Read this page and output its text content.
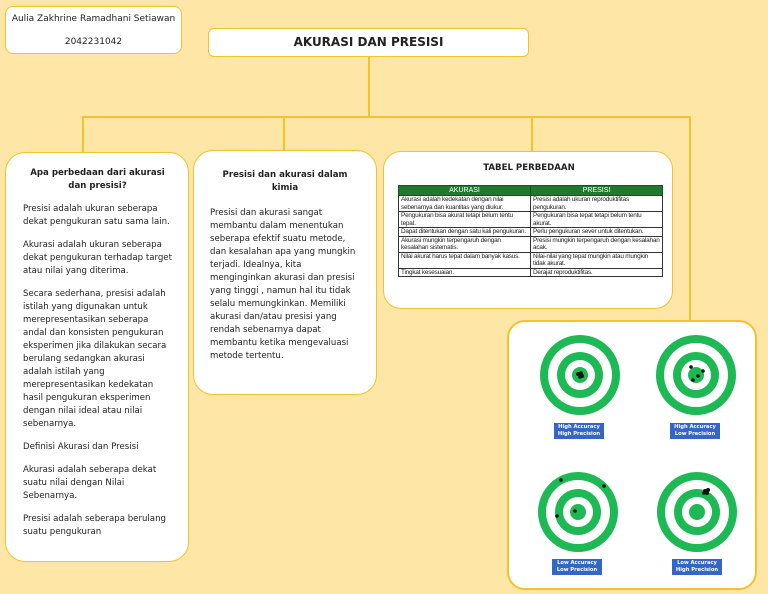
Aulia Zakhrine Ramadhani Setiawan
2042231042	AKURASI DAN PRESISI
Apa perbedaan dari akurasi dan presisi?

Presisi adalah ukuran seberapa dekat pengukuran satu sama lain.

Akurasi adalah ukuran seberapa dekat pengukuran terhadap target atau nilai yang diterima.

Secara sederhana, presisi adalah istilah yang digunakan untuk merepresentasikan seberapa andal dan konsisten pengukuran eksperimen jika dilakukan secara berulang sedangkan akurasi adalah istilah yang merepresentasikan kedekatan hasil pengukuran eksperimen dengan nilai ideal atau nilai sebenarnya.

Definisi Akurasi dan Presisi

Akurasi adalah seberapa dekat suatu nilai dengan Nilai Sebenarnya.

Presisi adalah seberapa berulang suatu pengukuran

Presisi dan akurasi dalam kimia

Presisi dan akurasi sangat membantu dalam menentukan seberapa efektif suatu metode, dan kesalahan apa yang mungkin terjadi. Idealnya, kita menginginkan akurasi dan presisi yang tinggi , namun hal itu tidak selalu memungkinkan. Memiliki akurasi dan/atau presisi yang rendah sebenarnya dapat membantu ketika mengevaluasi metode tertentu.

TABEL PERBEDAAN
AKURASI	PRESISI
Akurasi adalah kedekatan dengan nilai sebenarnya dan kuantitas yang diukur.	Presisi adalah ukuran reproduktifitas pengukuran.
Pengukuran bisa akurat tetapi belum tentu tepat.	Pengukuran bisa tepat tetapi belum tentu akurat.
Dapat ditentukan dengan satu kali pengukuran.	Perlu pengukuran sever untuk ditentukan.
Akurasi mungkin terpengaruh dengan kesalahan sistematis.	Presisi mungkin terpengaruh dengan kesalahan acak.
Nilai akurat harus tepat dalam banyak kasus.	Nilai-nilai yang tepat mungkin atau mungkin tidak akurat.
Tingkat kesesuaian.	Derajat reproduktifitas.
High Accuracy
High Precision
High Accuracy
Low Precision
Low Accuracy
Low Precision
Low Accuracy
High Precision
